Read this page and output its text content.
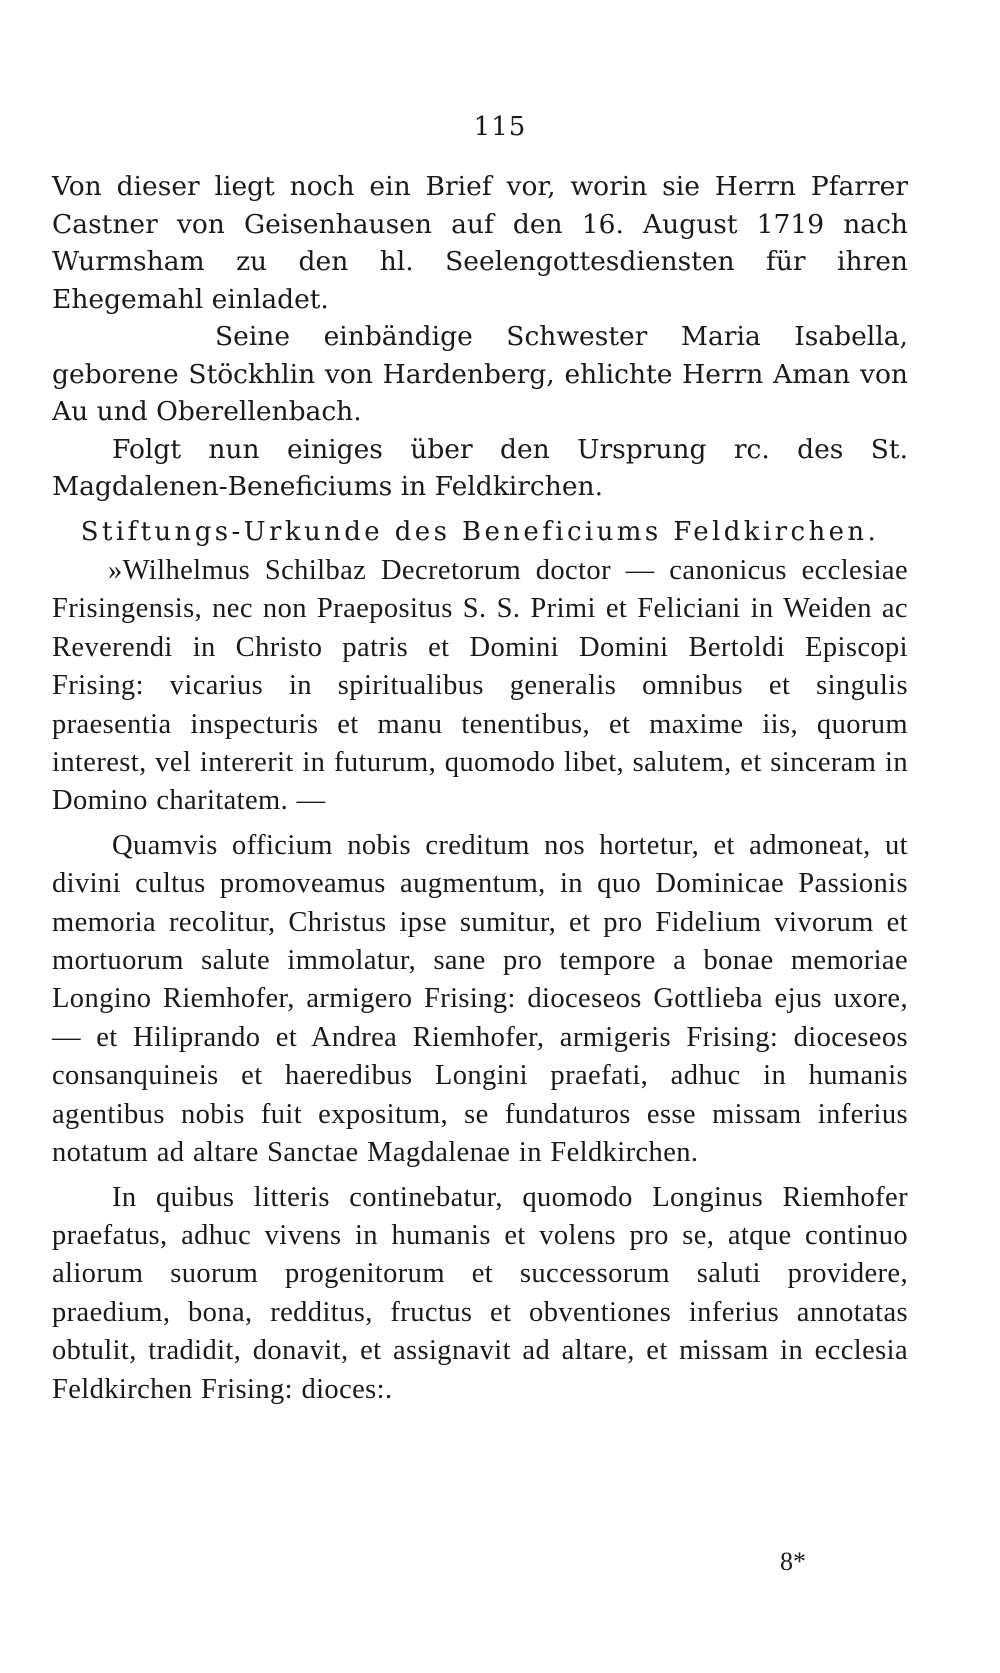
115

Von dieser liegt noch ein Brief vor, worin sie Herrn Pfarrer Castner von Geisenhausen auf den 16. August 1719 nach Wurmsham zu den hl. Seelengottesdiensten für ihren Ehegemahl einladet.

Seine einbändige Schwester Maria Isabella, geborene Stöckhlin von Hardenberg, ehlichte Herrn Aman von Au und Oberellenbach.

Folgt nun einiges über den Ursprung rc. des St. Magdalenen-Beneficiums in Feldkirchen.

Stiftungs-Urkunde des Beneficiums Feldkirchen.

»Wilhelmus Schilbaz Decretorum doctor — canonicus ecclesiae Frisingensis, nec non Praepositus S. S. Primi et Feliciani in Weiden ac Reverendi in Christo patris et Domini Domini Bertoldi Episcopi Frising: vicarius in spiritualibus generalis omnibus et singulis praesentia inspecturis et manu tenentibus, et maxime iis, quorum interest, vel intererit in futurum, quomodo libet, salutem, et sinceram in Domino charitatem. —

Quamvis officium nobis creditum nos hortetur, et admoneat, ut divini cultus promoveamus augmentum, in quo Dominicae Passionis memoria recolitur, Christus ipse sumitur, et pro Fidelium vivorum et mortuorum salute immolatur, sane pro tempore a bonae memoriae Longino Riemhofer, armigero Frising: dioceseos Gottlieba ejus uxore, — et Hiliprando et Andrea Riemhofer, armigeris Frising: dioceseos consanquineis et haeredibus Longini praefati, adhuc in humanis agentibus nobis fuit expositum, se fundaturos esse missam inferius notatum ad altare Sanctae Magdalenae in Feldkirchen.

In quibus litteris continebatur, quomodo Longinus Riemhofer praefatus, adhuc vivens in humanis et volens pro se, atque continuo aliorum suorum progenitorum et successorum saluti providere, praedium, bona, redditus, fructus et obventiones inferius annotatas obtulit, tradidit, donavit, et assignavit ad altare, et missam in ecclesia Feldkirchen Frising: dioces:.

8*
